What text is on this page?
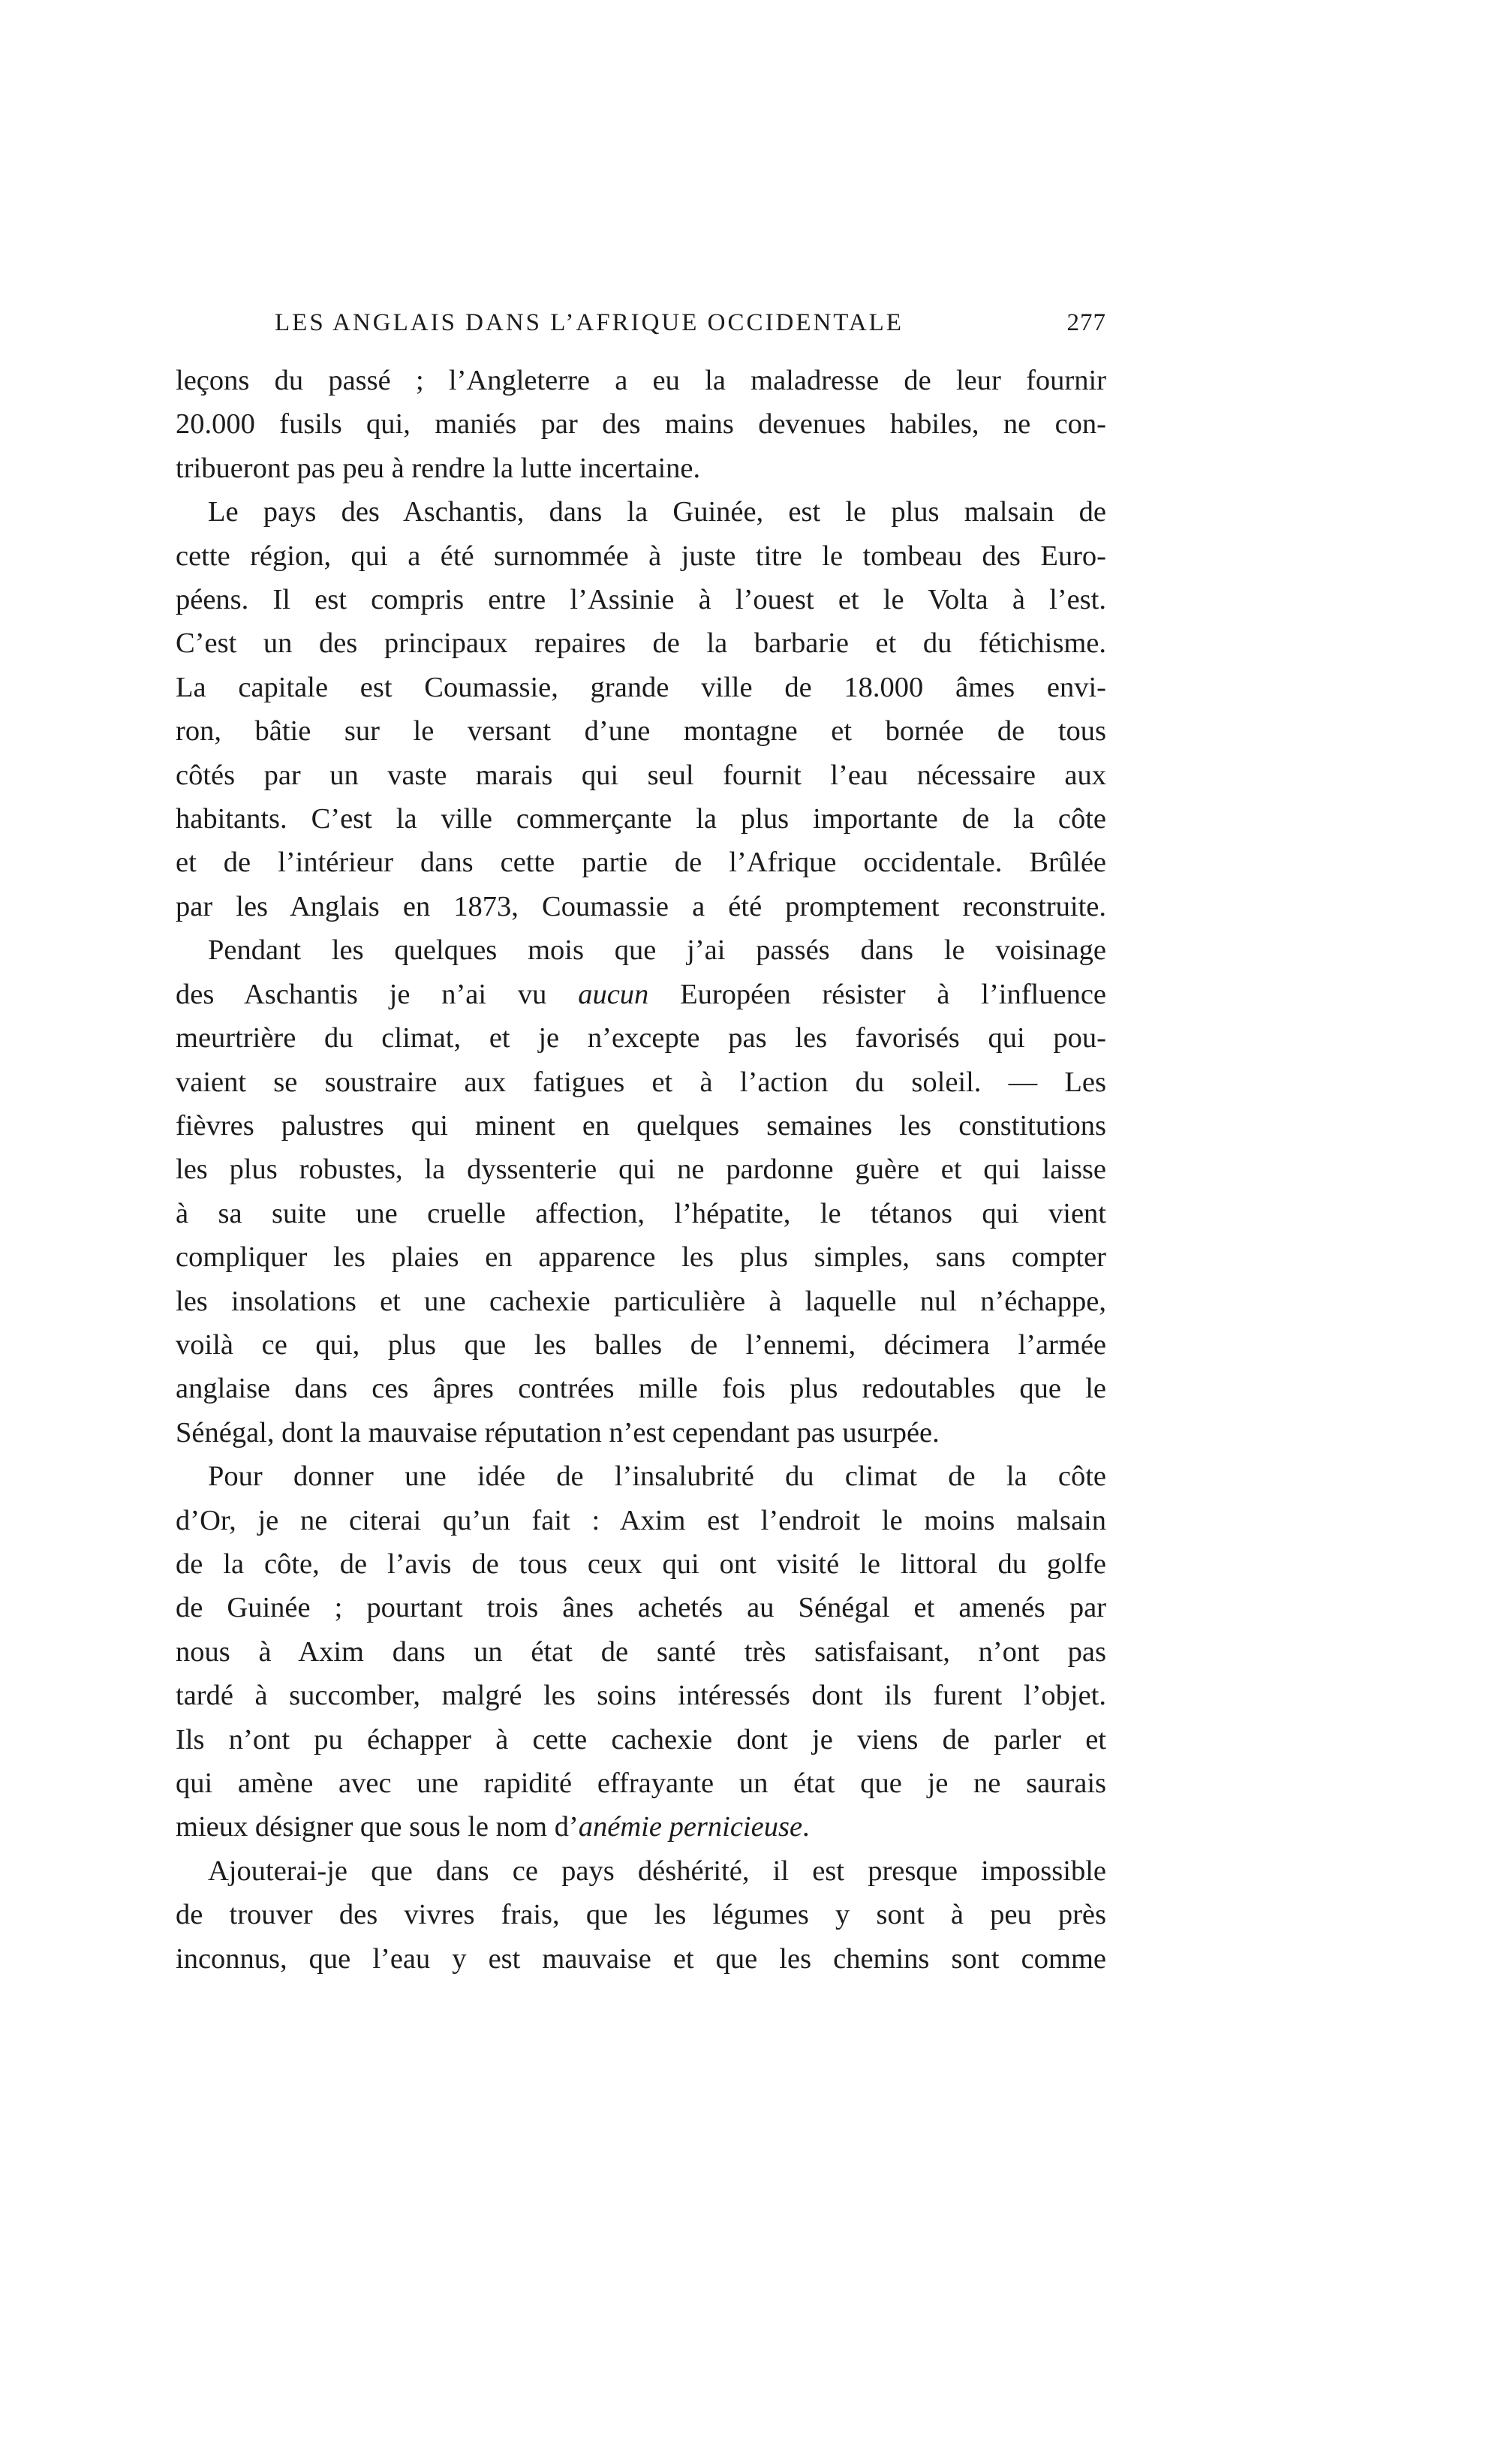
LES ANGLAIS DANS L’AFRIQUE OCCIDENTALE	277
leçons du passé ; l’Angleterre a eu la maladresse de leur fournir
20.000 fusils qui, maniés par des mains devenues habiles, ne con-
tribueront pas peu à rendre la lutte incertaine.
Le pays des Aschantis, dans la Guinée, est le plus malsain de
cette région, qui a été surnommée à juste titre le tombeau des Euro-
péens. Il est compris entre l’Assinie à l’ouest et le Volta à l’est.
C’est un des principaux repaires de la barbarie et du fétichisme.
La capitale est Coumassie, grande ville de 18.000 âmes envi-
ron, bâtie sur le versant d’une montagne et bornée de tous
côtés par un vaste marais qui seul fournit l’eau nécessaire aux
habitants. C’est la ville commerçante la plus importante de la côte
et de l’intérieur dans cette partie de l’Afrique occidentale. Brûlée
par les Anglais en 1873, Coumassie a été promptement reconstruite.
Pendant les quelques mois que j’ai passés dans le voisinage
des Aschantis je n’ai vu aucun Européen résister à l’influence
meurtrière du climat, et je n’excepte pas les favorisés qui pou-
vaient se soustraire aux fatigues et à l’action du soleil. — Les
fièvres palustres qui minent en quelques semaines les constitutions
les plus robustes, la dyssenterie qui ne pardonne guère et qui laisse
à sa suite une cruelle affection, l’hépatite, le tétanos qui vient
compliquer les plaies en apparence les plus simples, sans compter
les insolations et une cachexie particulière à laquelle nul n’échappe,
voilà ce qui, plus que les balles de l’ennemi, décimera l’armée
anglaise dans ces âpres contrées mille fois plus redoutables que le
Sénégal, dont la mauvaise réputation n’est cependant pas usurpée.
Pour donner une idée de l’insalubrité du climat de la côte
d’Or, je ne citerai qu’un fait : Axim est l’endroit le moins malsain
de la côte, de l’avis de tous ceux qui ont visité le littoral du golfe
de Guinée ; pourtant trois ânes achetés au Sénégal et amenés par
nous à Axim dans un état de santé très satisfaisant, n’ont pas
tardé à succomber, malgré les soins intéressés dont ils furent l’objet.
Ils n’ont pu échapper à cette cachexie dont je viens de parler et
qui amène avec une rapidité effrayante un état que je ne saurais
mieux désigner que sous le nom d’anémie pernicieuse.
Ajouterai-je que dans ce pays déshérité, il est presque impossible
de trouver des vivres frais, que les légumes y sont à peu près
inconnus, que l’eau y est mauvaise et que les chemins sont comme
